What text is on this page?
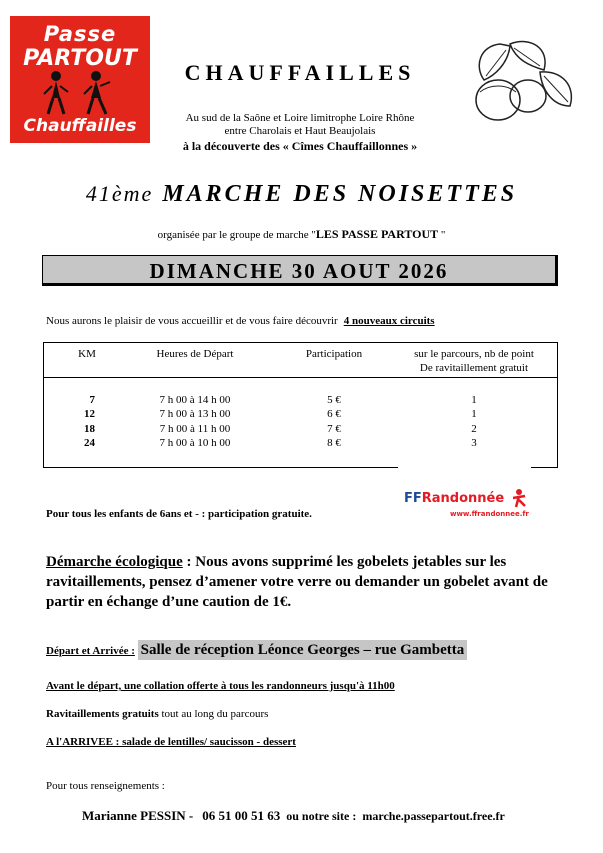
Passe
PARTOUT
Chauffailles
CHAUFFAILLES
Au sud de la Saône et Loire limitrophe Loire Rhône
entre Charolais et Haut Beaujolais
à la découverte des « Cîmes Chauffaillonnes »
41ème MARCHE DES NOISETTES
organisée par le groupe de marche "LES PASSE PARTOUT "
DIMANCHE 30 AOUT 2026
Nous aurons le plaisir de vous accueillir et de vous faire découvrir 4 nouveaux circuits
KM	Heures de Départ	Participation	sur le parcours, nb de point
De ravitaillement gratuit
7	7 h 00 à 14 h 00	5 €	1
12	7 h 00 à 13 h 00	6 €	1
18	7 h 00 à 11 h 00	7 €	2
24	7 h 00 à 10 h 00	8 €	3
FFRandonnée
www.ffrandonnee.fr
Pour tous les enfants de 6ans et - : participation gratuite.
Démarche écologique : Nous avons supprimé les gobelets jetables sur les ravitaillements, pensez d’amener votre verre ou demander un gobelet avant de partir en échange d’une caution de 1€.
Départ et Arrivée : Salle de réception Léonce Georges – rue Gambetta
Avant le départ, une collation offerte à tous les randonneurs jusqu'à 11h00
Ravitaillements gratuits tout au long du parcours
A l'ARRIVEE : salade de lentilles/ saucisson - dessert
Pour tous renseignements :
Marianne PESSIN - 06 51 00 51 63 ou notre site : marche.passepartout.free.fr
